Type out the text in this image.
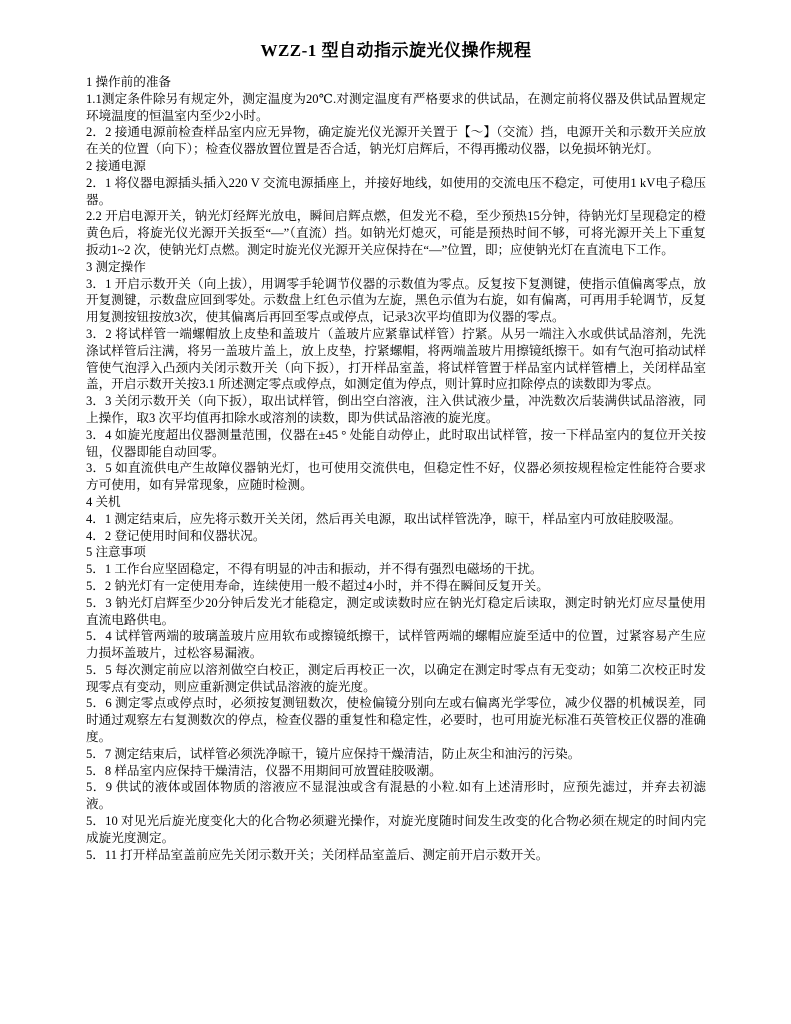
WZZ-1 型自动指示旋光仪操作规程

1 操作前的准备

1.1测定条件除另有规定外，测定温度为20℃.对测定温度有严格要求的供试品，在测定前将仪器及供试品置规定环境温度的恒温室内至少2小时。

2．2 接通电源前检查样品室内应无异物，确定旋光仪光源开关置于【～】（交流）挡，电源开关和示数开关应放在关的位置（向下）；检查仪器放置位置是否合适，钠光灯启辉后，不得再搬动仪器，以免损坏钠光灯。

2 接通电源

2．1 将仪器电源插头插入220 V 交流电源插座上，并接好地线，如使用的交流电压不稳定，可使用1 kV电子稳压器。

2.2 开启电源开关，钠光灯经辉光放电，瞬间启辉点燃，但发光不稳，至少预热15分钟，待钠光灯呈现稳定的橙黄色后，将旋光仪光源开关扳至“—”（直流）挡。如钠光灯熄灭，可能是预热时间不够，可将光源开关上下重复扳动1~2 次，使钠光灯点燃。测定时旋光仪光源开关应保持在“—”位置，即；应使钠光灯在直流电下工作。

3 测定操作

3．1 开启示数开关（向上拔），用调零手轮调节仪器的示数值为零点。反复按下复测键，使指示值偏离零点，放开复测键，示数盘应回到零处。示数盘上红色示值为左旋，黑色示值为右旋，如有偏离，可再用手轮调节，反复用复测按钮按放3次，使其偏离后再回至零点或停点，记录3次平均值即为仪器的零点。

3．2 将试样管一端螺帽放上皮垫和盖玻片（盖玻片应紧靠试样管）拧紧。从另一端注入水或供试品溶剂，先洗涤试样管后注满，将另一盖玻片盖上，放上皮垫，拧紧螺帽，将两端盖玻片用擦镜纸擦干。如有气泡可掐动试样管使气泡浮入凸颈内关闭示数开关（向下扳），打开样品室盖，将试样管置于样品室内试样管槽上，关闭样品室盖，开启示数开关按3.1 所述测定零点或停点，如测定值为停点，则计算时应扣除停点的读数即为零点。

3．3 关闭示数开关（向下扳），取出试样管，倒出空白溶液，注入供试液少量，冲洗数次后装满供试品溶液，同上操作，取3 次平均值再扣除水或溶剂的读数，即为供试品溶液的旋光度。

3．4 如旋光度超出仪器测量范围，仪器在±45 ° 处能自动停止，此时取出试样管，按一下样品室内的复位开关按钮，仪器即能自动回零。

3．5 如直流供电产生故障仪器钠光灯，也可使用交流供电，但稳定性不好，仪器必须按规程检定性能符合要求方可使用，如有异常现象，应随时检测。

4 关机

4．1 测定结束后，应先将示数开关关闭，然后再关电源，取出试样管洗净，晾干，样品室内可放硅胶吸湿。

4．2 登记使用时间和仪器状况。

5 注意事项

5．1 工作台应坚固稳定，不得有明显的冲击和振动，并不得有强烈电磁场的干扰。

5．2 钠光灯有一定使用寿命，连续使用一般不超过4小时，并不得在瞬间反复开关。

5．3 钠光灯启辉至少20分钟后发光才能稳定，测定或读数时应在钠光灯稳定后读取，测定时钠光灯应尽量使用直流电路供电。

5．4 试样管两端的玻璃盖玻片应用软布或擦镜纸擦干，试样管两端的螺帽应旋至适中的位置，过紧容易产生应力损坏盖玻片，过松容易漏液。

5．5 每次测定前应以溶剂做空白校正，测定后再校正一次，以确定在测定时零点有无变动；如第二次校正时发现零点有变动，则应重新测定供试品溶液的旋光度。

5．6 测定零点或停点时，必须按复测钮数次，使检偏镜分别向左或右偏离光学零位，减少仪器的机械误差，同时通过观察左右复测数次的停点，检查仪器的重复性和稳定性，必要时，也可用旋光标准石英管校正仪器的准确度。

5．7 测定结束后，试样管必须洗净晾干，镜片应保持干燥清洁，防止灰尘和油污的污染。

5．8 样品室内应保持干燥清洁，仪器不用期间可放置硅胶吸潮。

5．9 供试的液体或固体物质的溶液应不显混浊或含有混悬的小粒.如有上述清形时，应预先滤过，并弃去初滤液。

5．10 对见光后旋光度变化大的化合物必须避光操作，对旋光度随时间发生改变的化合物必须在规定的时间内完成旋光度测定。

5．11 打开样品室盖前应先关闭示数开关；关闭样品室盖后、测定前开启示数开关。
